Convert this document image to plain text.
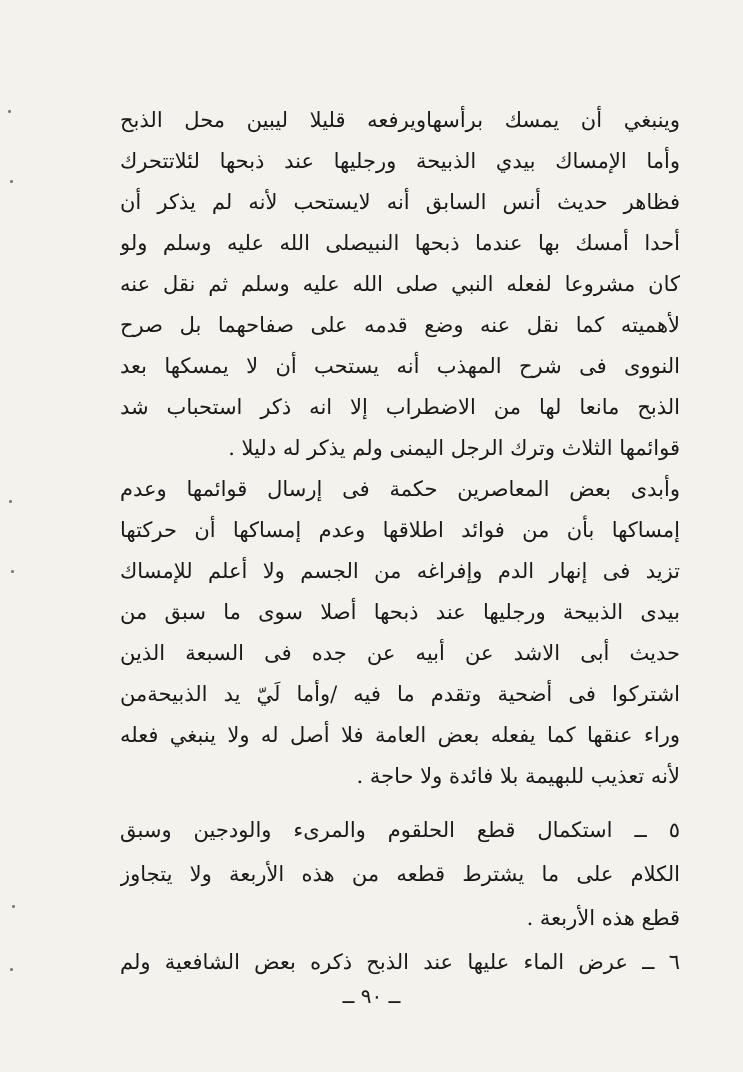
وينبغي أن يمسك برأسهاويرفعه قليلا ليبين محل الذبح
وأما الإمساك بيدي الذبيحة ورجليها عند ذبحها لئلاتتحرك
فظاهر حديث أنس السابق أنه لايستحب لأنه لم يذكر أن
أحدا أمسك بها عندما ذبحها النبيصلى الله عليه وسلم ولو
كان مشروعا لفعله النبي صلى الله عليه وسلم ثم نقل عنه
لأهميته كما نقل عنه وضع قدمه على صفاحهما بل صرح
النووى فى شرح المهذب أنه يستحب أن لا يمسكها بعد
الذبح مانعا لها من الاضطراب إلا انه ذكر استحباب شد
قوائمها الثلاث وترك الرجل اليمنى ولم يذكر له دليلا .
وأبدى بعض المعاصرين حكمة فى إرسال قوائمها وعدم
إمساكها بأن من فوائد اطلاقها وعدم إمساكها أن حركتها
تزيد فى إنهار الدم وإفراغه من الجسم ولا أعلم للإمساك
بيدى الذبيحة ورجليها عند ذبحها أصلا سوى ما سبق من
حديث أبى الاشد عن أبيه عن جده فى السبعة الذين
اشتركوا فى أضحية وتقدم ما فيه /وأما لَيّ يد الذبيحةمن
وراء عنقها كما يفعله بعض العامة فلا أصل له ولا ينبغي فعله
لأنه تعذيب للبهيمة بلا فائدة ولا حاجة .
٥ ــ استكمال قطع الحلقوم والمرىء والودجين وسبق
الكلام على ما يشترط قطعه من هذه الأربعة ولا يتجاوز
قطع هذه الأربعة .
٦ ــ عرض الماء عليها عند الذبح ذكره بعض الشافعية ولم
ــ ٩٠ ــ
